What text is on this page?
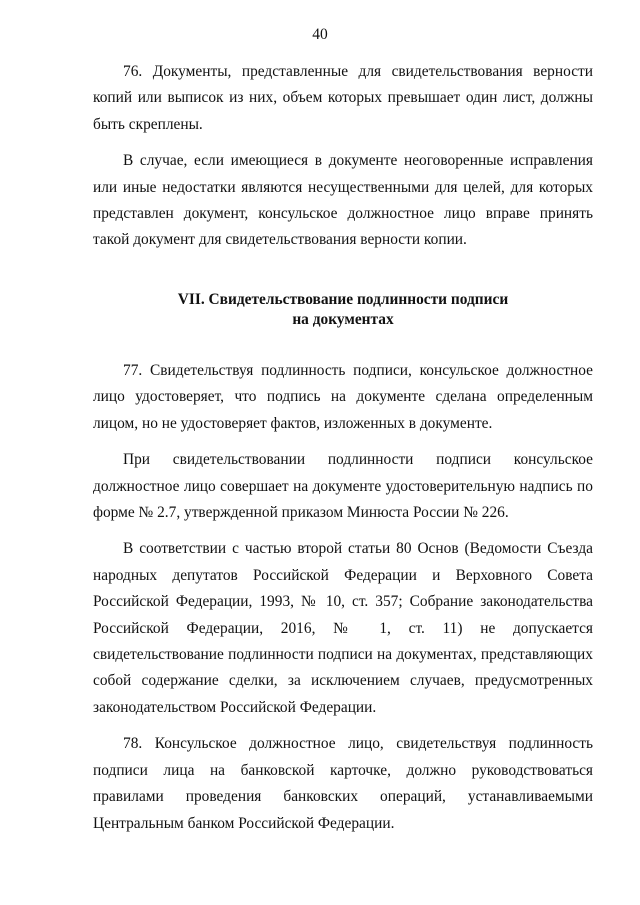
40

76. Документы, представленные для свидетельствования верности копий или выписок из них, объем которых превышает один лист, должны быть скреплены.

В случае, если имеющиеся в документе неоговоренные исправления или иные недостатки являются несущественными для целей, для которых представлен документ, консульское должностное лицо вправе принять такой документ для свидетельствования верности копии.

VII. Свидетельствование подлинности подписи
на документах

77. Свидетельствуя подлинность подписи, консульское должностное лицо удостоверяет, что подпись на документе сделана определенным лицом, но не удостоверяет фактов, изложенных в документе.

При свидетельствовании подлинности подписи консульское должностное лицо совершает на документе удостоверительную надпись по форме № 2.7, утвержденной приказом Минюста России № 226.

В соответствии с частью второй статьи 80 Основ (Ведомости Съезда народных депутатов Российской Федерации и Верховного Совета Российской Федерации, 1993, № 10, ст. 357; Собрание законодательства Российской Федерации, 2016, № 1, ст. 11) не допускается свидетельствование подлинности подписи на документах, представляющих собой содержание сделки, за исключением случаев, предусмотренных законодательством Российской Федерации.

78. Консульское должностное лицо, свидетельствуя подлинность подписи лица на банковской карточке, должно руководствоваться правилами проведения банковских операций, устанавливаемыми Центральным банком Российской Федерации.
